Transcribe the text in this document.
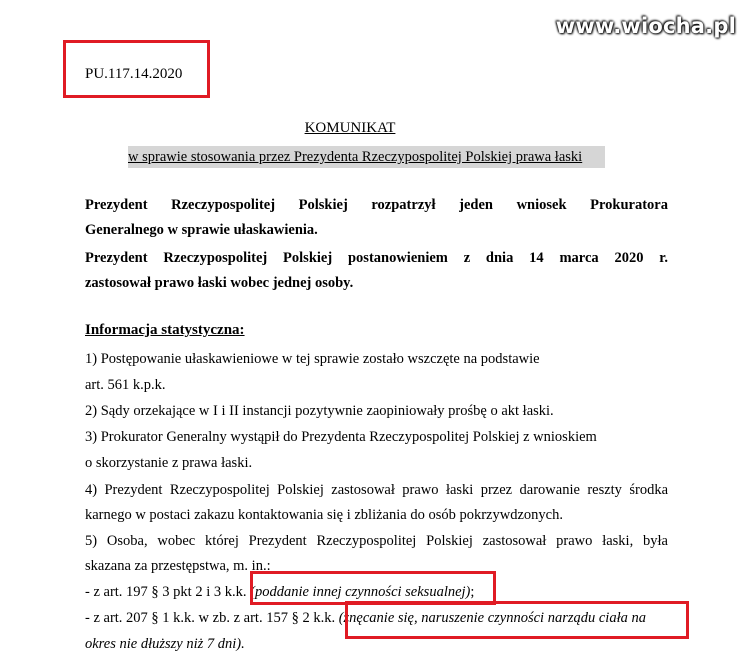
www.wiocha.pl
PU.117.14.2020
KOMUNIKAT
w sprawie stosowania przez Prezydenta Rzeczypospolitej Polskiej prawa łaski
Prezydent Rzeczypospolitej Polskiej rozpatrzył jeden wniosek Prokuratora
Generalnego w sprawie ułaskawienia.
Prezydent Rzeczypospolitej Polskiej postanowieniem z dnia 14 marca 2020 r.
zastosował prawo łaski wobec jednej osoby.
Informacja statystyczna:
1) Postępowanie ułaskawieniowe w tej sprawie zostało wszczęte na podstawie
art. 561 k.p.k.
2) Sądy orzekające w I i II instancji pozytywnie zaopiniowały prośbę o akt łaski.
3) Prokurator Generalny wystąpił do Prezydenta Rzeczypospolitej Polskiej z wnioskiem
o skorzystanie z prawa łaski.
4) Prezydent Rzeczypospolitej Polskiej zastosował prawo łaski przez darowanie reszty środka
karnego w postaci zakazu kontaktowania się i zbliżania do osób pokrzywdzonych.
5) Osoba, wobec której Prezydent Rzeczypospolitej Polskiej zastosował prawo łaski, była
skazana za przestępstwa, m. in.:
- z art. 197 § 3 pkt 2 i 3 k.k. (poddanie innej czynności seksualnej);
- z art. 207 § 1 k.k. w zb. z art. 157 § 2 k.k. (znęcanie się, naruszenie czynności narządu ciała na
okres nie dłuższy niż 7 dni).
